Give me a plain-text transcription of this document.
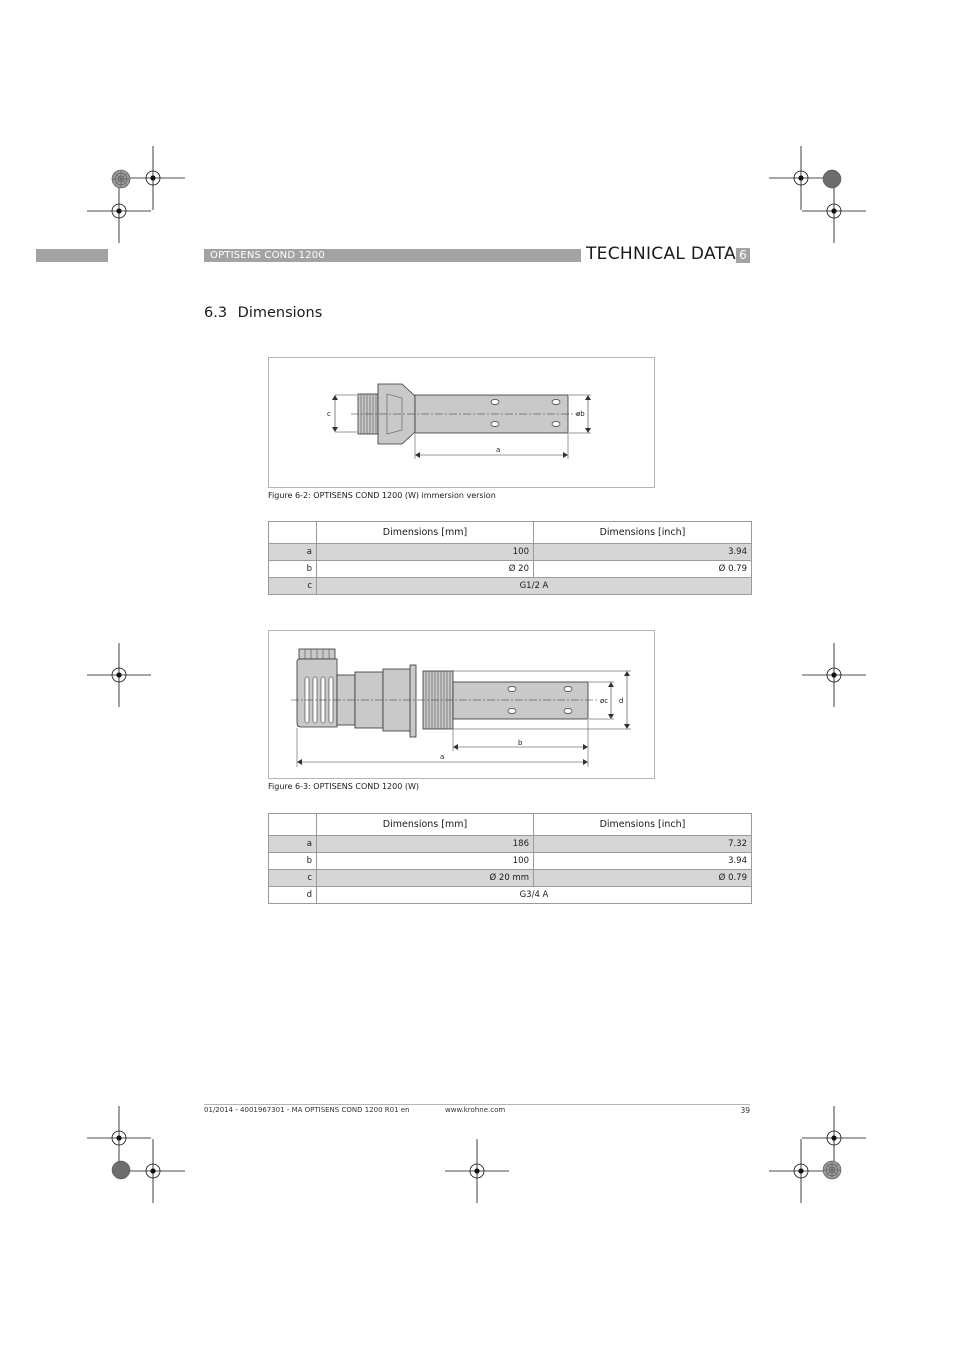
OPTISENS COND 1200	TECHNICAL DATA 6
6.3 Dimensions
c	øb
a
Figure 6-2: OPTISENS COND 1200 (W) immersion version
	Dimensions [mm]	Dimensions [inch]
a	100	3.94
b	Ø 20	Ø 0.79
c	G1/2 A	
øc d
b
a
Figure 6-3: OPTISENS COND 1200 (W)
	Dimensions [mm]	Dimensions [inch]
a	186	7.32
b	100	3.94
c	Ø 20 mm	Ø 0.79
d	G3/4 A	
01/2014 - 4001967301 - MA OPTISENS COND 1200 R01 en	www.krohne.com	39
